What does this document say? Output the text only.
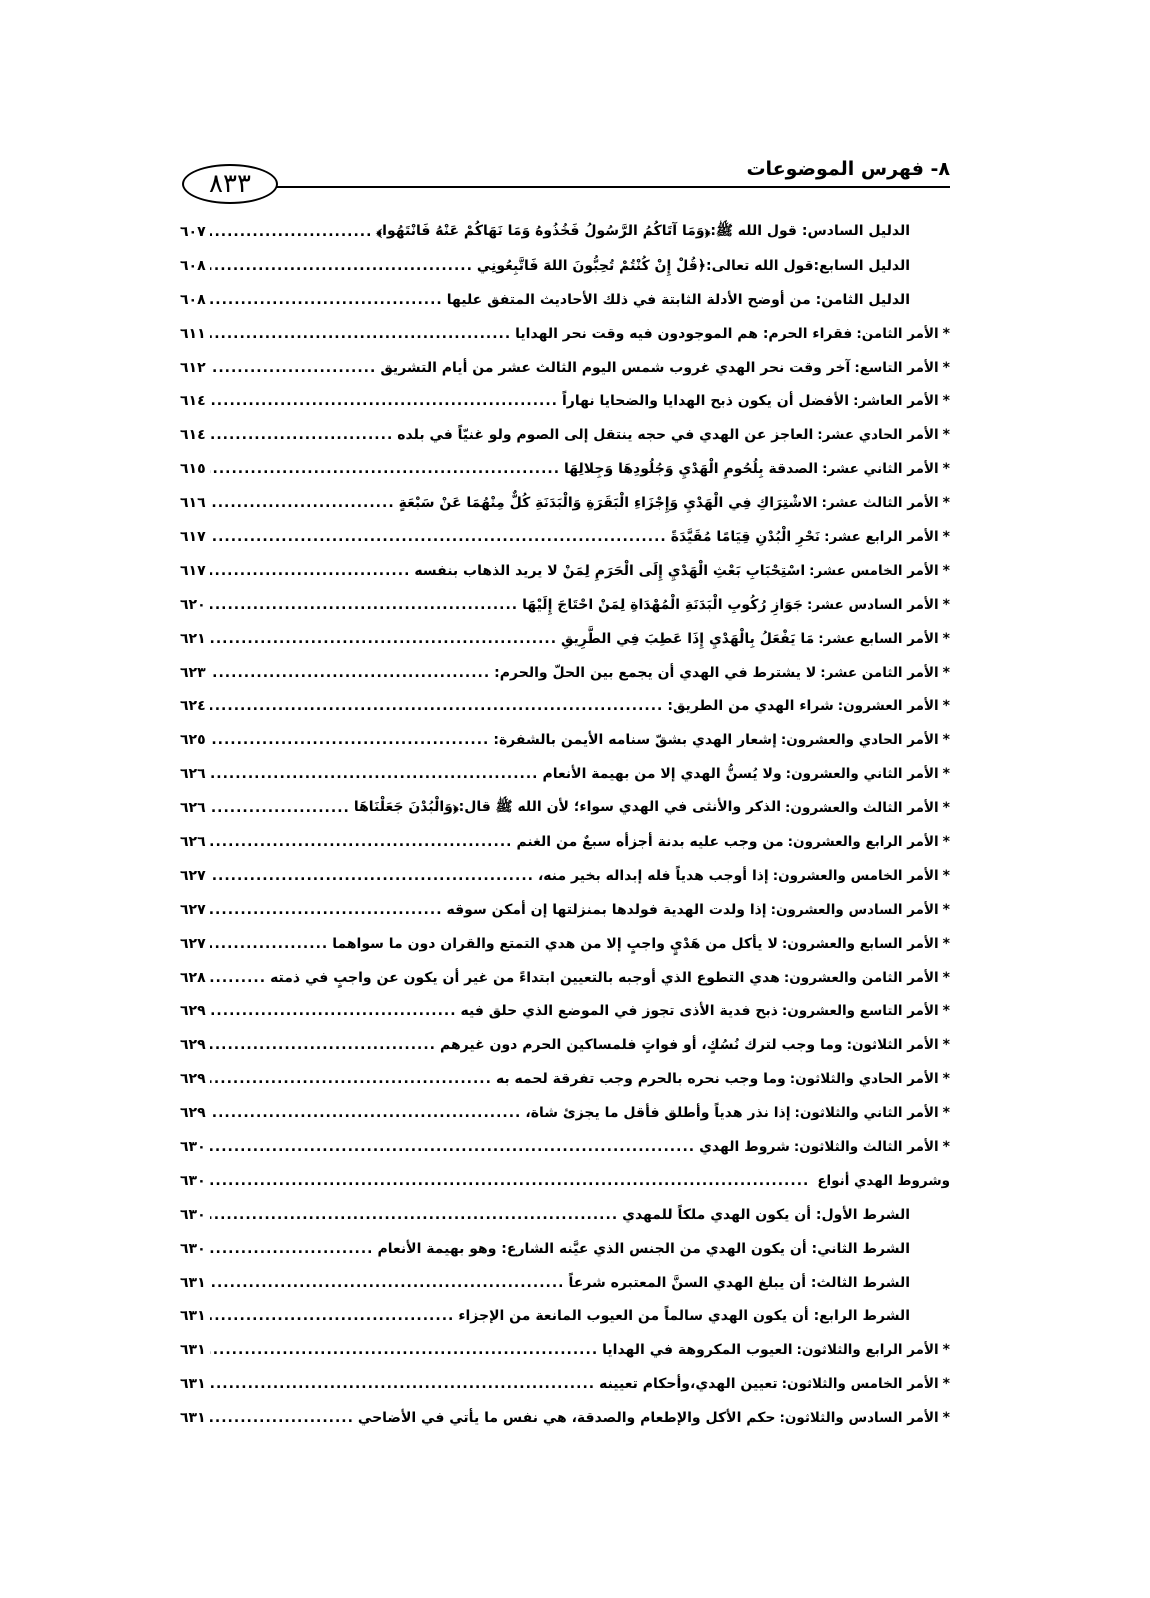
٨- فهرس الموضوعات
٨٣٣
الدليل السادس: قول الله ﷺ:﴿وَمَا آتَاكُمُ الرَّسُولُ فَخُذُوهُ وَمَا نَهَاكُمْ عَنْهُ فَانْتَهُوا﴾
.....
٦٠٧
الدليل السابع:قول الله تعالى:﴿قُلْ إِنْ كُنْتُمْ تُحِبُّونَ اللهَ فَاتَّبِعُونِي
.....
٦٠٨
الدليل الثامن: من أوضح الأدلة الثابتة في ذلك الأحاديث المتفق عليها
.....
٦٠٨
* الأمر الثامن:
فقراء الحرم: هم الموجودون فيه وقت نحر الهدايا
.....
٦١١
* الأمر التاسع:
آخر وقت نحر الهدي غروب شمس اليوم الثالث عشر من أيام التشريق
.....
٦١٢
* الأمر العاشر:
الأفضل أن يكون ذبح الهدايا والضحايا نهاراً
.....
٦١٤
* الأمر الحادي عشر:
العاجز عن الهدي في حجه ينتقل إلى الصوم ولو غنيّاً في بلده
.....
٦١٤
* الأمر الثاني عشر:
الصدقة بِلُحُومِ الْهَدْيِ وَجُلُودِهَا وَجِلالِهَا
.....
٦١٥
* الأمر الثالث عشر:
الاشْتِرَاكِ فِي الْهَدْيِ وَإِجْزَاءِ الْبَقَرَةِ وَالْبَدَنَةِ كُلٌّ مِنْهُمَا عَنْ سَبْعَةٍ
.....
٦١٦
* الأمر الرابع عشر:
نَحْرِ الْبُدْنِ قِيَامًا مُقَيَّدَةً
.....
٦١٧
* الأمر الخامس عشر:
اسْتِحْبَابِ بَعْثِ الْهَدْيِ إِلَى الْحَرَمِ لِمَنْ لا يريد الذهاب بنفسه
.....
٦١٧
* الأمر السادس عشر:
جَوَازِ رُكُوبِ الْبَدَنَةِ الْمُهْدَاةِ لِمَنْ احْتَاجَ إِلَيْهَا
.....
٦٢٠
* الأمر السابع عشر:
مَا يَفْعَلُ بِالْهَدْيِ إِذَا عَطِبَ فِي الطَّرِيقِ
.....
٦٢١
* الأمر الثامن عشر:
لا يشترط في الهدي أن يجمع بين الحلّ والحرم:
.....
٦٢٣
* الأمر العشرون:
شراء الهدي من الطريق:
.....
٦٢٤
* الأمر الحادي والعشرون:
إشعار الهدي بشقّ سنامه الأيمن بالشفرة:
.....
٦٢٥
* الأمر الثاني والعشرون:
ولا يُسنُّ الهدي إلا من بهيمة الأنعام
.....
٦٢٦
* الأمر الثالث والعشرون:
الذكر والأنثى في الهدي سواء؛ لأن الله ﷺ قال:﴿وَالْبُدْنَ جَعَلْنَاهَا
.....
٦٢٦
* الأمر الرابع والعشرون:
من وجب عليه بدنة أجزأه سبعٌ من الغنم
.....
٦٢٦
* الأمر الخامس والعشرون:
إذا أوجب هدياً فله إبداله بخير منه،
.....
٦٢٧
* الأمر السادس والعشرون:
إذا ولدت الهدية فولدها بمنزلتها إن أمكن سوقه
.....
٦٢٧
* الأمر السابع والعشرون:
لا يأكل من هَدْيٍ واجبٍ إلا من هدي التمتع والقران دون ما سواهما
.....
٦٢٧
* الأمر الثامن والعشرون:
هدي التطوع الذي أوجبه بالتعيين ابتداءً من غير أن يكون عن واجبٍ في ذمته
.....
٦٢٨
* الأمر التاسع والعشرون:
ذبح فدية الأذى تجوز في الموضع الذي حلق فيه
.....
٦٢٩
* الأمر الثلاثون:
وما وجب لترك نُسُكٍ، أو فواتٍ فلمساكين الحرم دون غيرهم
.....
٦٢٩
* الأمر الحادي والثلاثون:
وما وجب نحره بالحرم وجب تفرقة لحمه به
.....
٦٢٩
* الأمر الثاني والثلاثون:
إذا نذر هدياً وأطلق فأقل ما يجزئ شاة،
.....
٦٢٩
* الأمر الثالث والثلاثون:
شروط الهدي
.....
٦٣٠
وشروط الهدي أنواع
.....
٦٣٠
الشرط الأول: أن يكون الهدي ملكاً للمهدي
.....
٦٣٠
الشرط الثاني: أن يكون الهدي من الجنس الذي عيَّنه الشارع: وهو بهيمة الأنعام
.....
٦٣٠
الشرط الثالث: أن يبلغ الهدي السنَّ المعتبره شرعاً
.....
٦٣١
الشرط الرابع: أن يكون الهدي سالماً من العيوب المانعة من الإجزاء
.....
٦٣١
* الأمر الرابع والثلاثون:
العيوب المكروهة في الهدايا
.....
٦٣١
* الأمر الخامس والثلاثون:
تعيين الهدي،وأحكام تعيينه
.....
٦٣١
* الأمر السادس والثلاثون:
حكم الأكل والإطعام والصدقة، هي نفس ما يأتي في الأضاحي
.....
٦٣١
